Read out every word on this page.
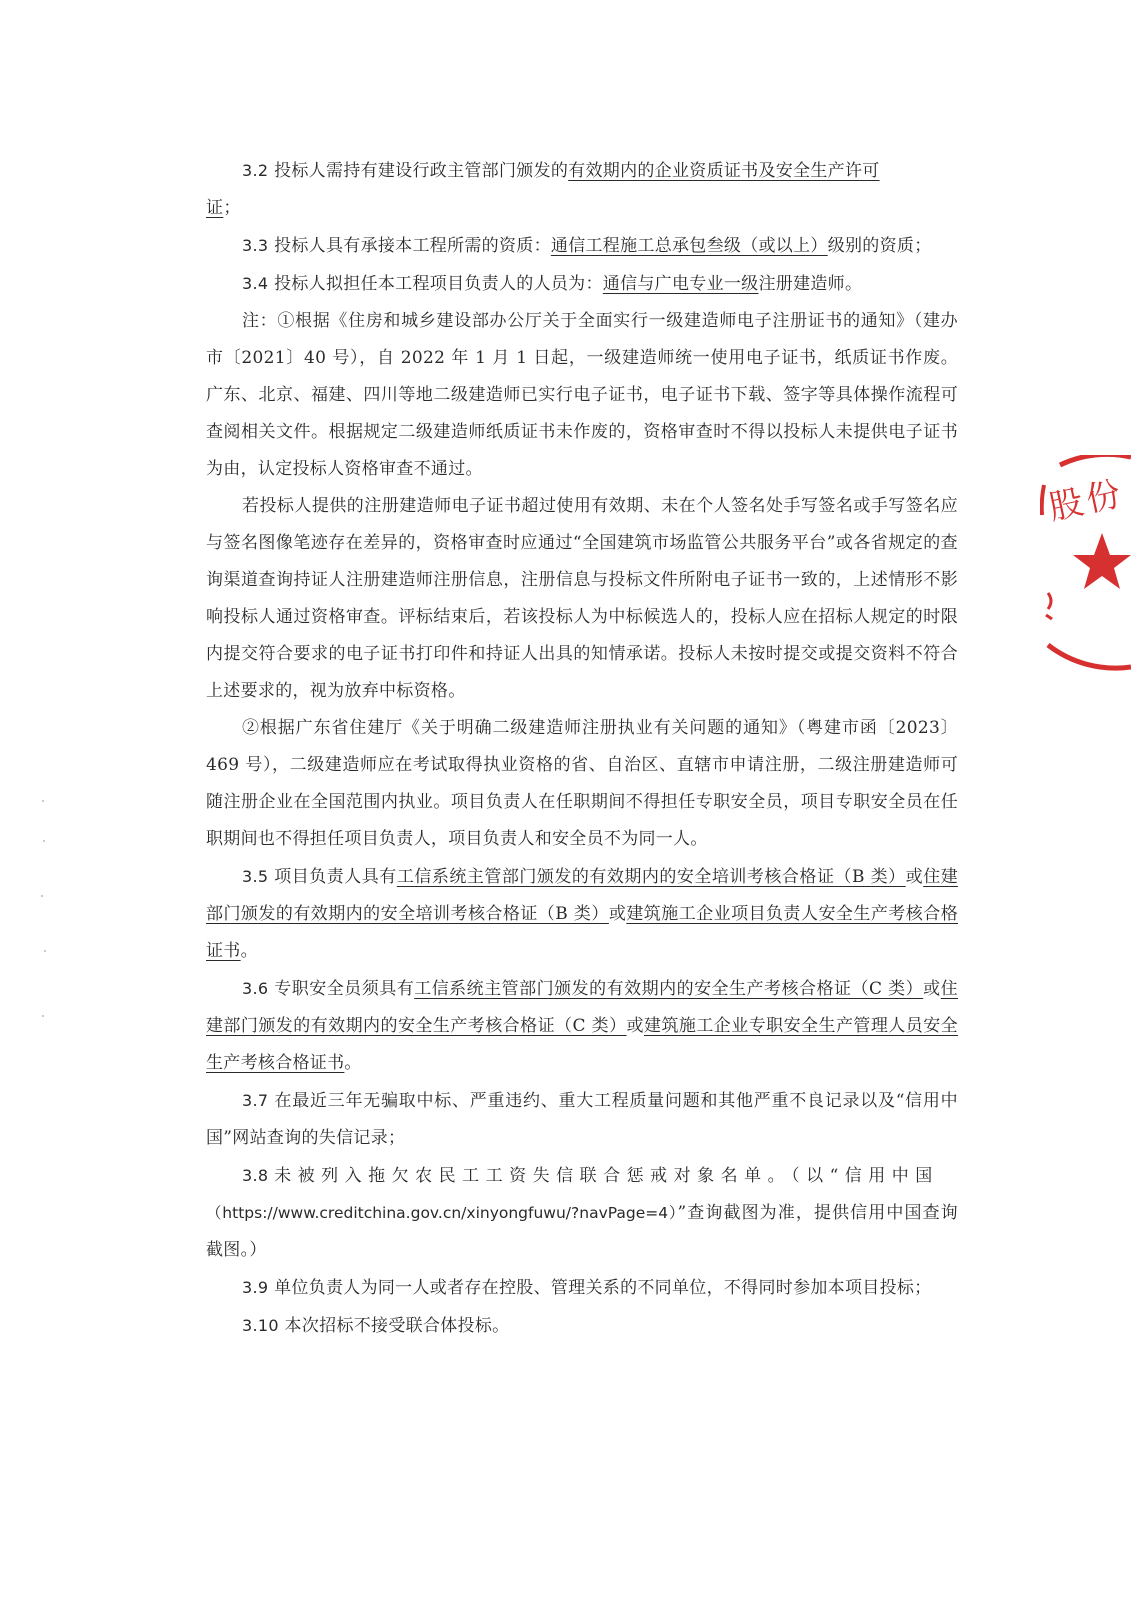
3.2 投标人需持有建设行政主管部门颁发的有效期内的企业资质证书及安全生产许可
证；

3.3 投标人具有承接本工程所需的资质：通信工程施工总承包叁级（或以上）级别的资质；

3.4 投标人拟担任本工程项目负责人的人员为：通信与广电专业一级注册建造师。

注：①根据《住房和城乡建设部办公厅关于全面实行一级建造师电子注册证书的通知》（建办市〔2021〕40 号），自 2022 年 1 月 1 日起，一级建造师统一使用电子证书，纸质证书作废。广东、北京、福建、四川等地二级建造师已实行电子证书，电子证书下载、签字等具体操作流程可查阅相关文件。根据规定二级建造师纸质证书未作废的，资格审查时不得以投标人未提供电子证书为由，认定投标人资格审查不通过。

若投标人提供的注册建造师电子证书超过使用有效期、未在个人签名处手写签名或手写签名应与签名图像笔迹存在差异的，资格审查时应通过“全国建筑市场监管公共服务平台”或各省规定的查询渠道查询持证人注册建造师注册信息，注册信息与投标文件所附电子证书一致的，上述情形不影响投标人通过资格审查。评标结束后，若该投标人为中标候选人的，投标人应在招标人规定的时限内提交符合要求的电子证书打印件和持证人出具的知情承诺。投标人未按时提交或提交资料不符合上述要求的，视为放弃中标资格。

②根据广东省住建厅《关于明确二级建造师注册执业有关问题的通知》（粤建市函〔2023〕469 号），二级建造师应在考试取得执业资格的省、自治区、直辖市申请注册，二级注册建造师可随注册企业在全国范围内执业。项目负责人在任职期间不得担任专职安全员，项目专职安全员在任职期间也不得担任项目负责人，项目负责人和安全员不为同一人。

3.5 项目负责人具有工信系统主管部门颁发的有效期内的安全培训考核合格证（B 类）或住建部门颁发的有效期内的安全培训考核合格证（B 类）或建筑施工企业项目负责人安全生产考核合格证书。

3.6 专职安全员须具有工信系统主管部门颁发的有效期内的安全生产考核合格证（C 类）或住建部门颁发的有效期内的安全生产考核合格证（C 类）或建筑施工企业专职安全生产管理人员安全生产考核合格证书。

3.7 在最近三年无骗取中标、严重违约、重大工程质量问题和其他严重不良记录以及“信用中国”网站查询的失信记录；

3.8 未被列入拖欠农民工工资失信联合惩戒对象名单。（以“信用中国
（https://www.creditchina.gov.cn/xinyongfuwu/?navPage=4）”查询截图为准，提供信用中国查询截图。）

3.9 单位负责人为同一人或者存在控股、管理关系的不同单位，不得同时参加本项目投标；

3.10 本次招标不接受联合体投标。

股份
